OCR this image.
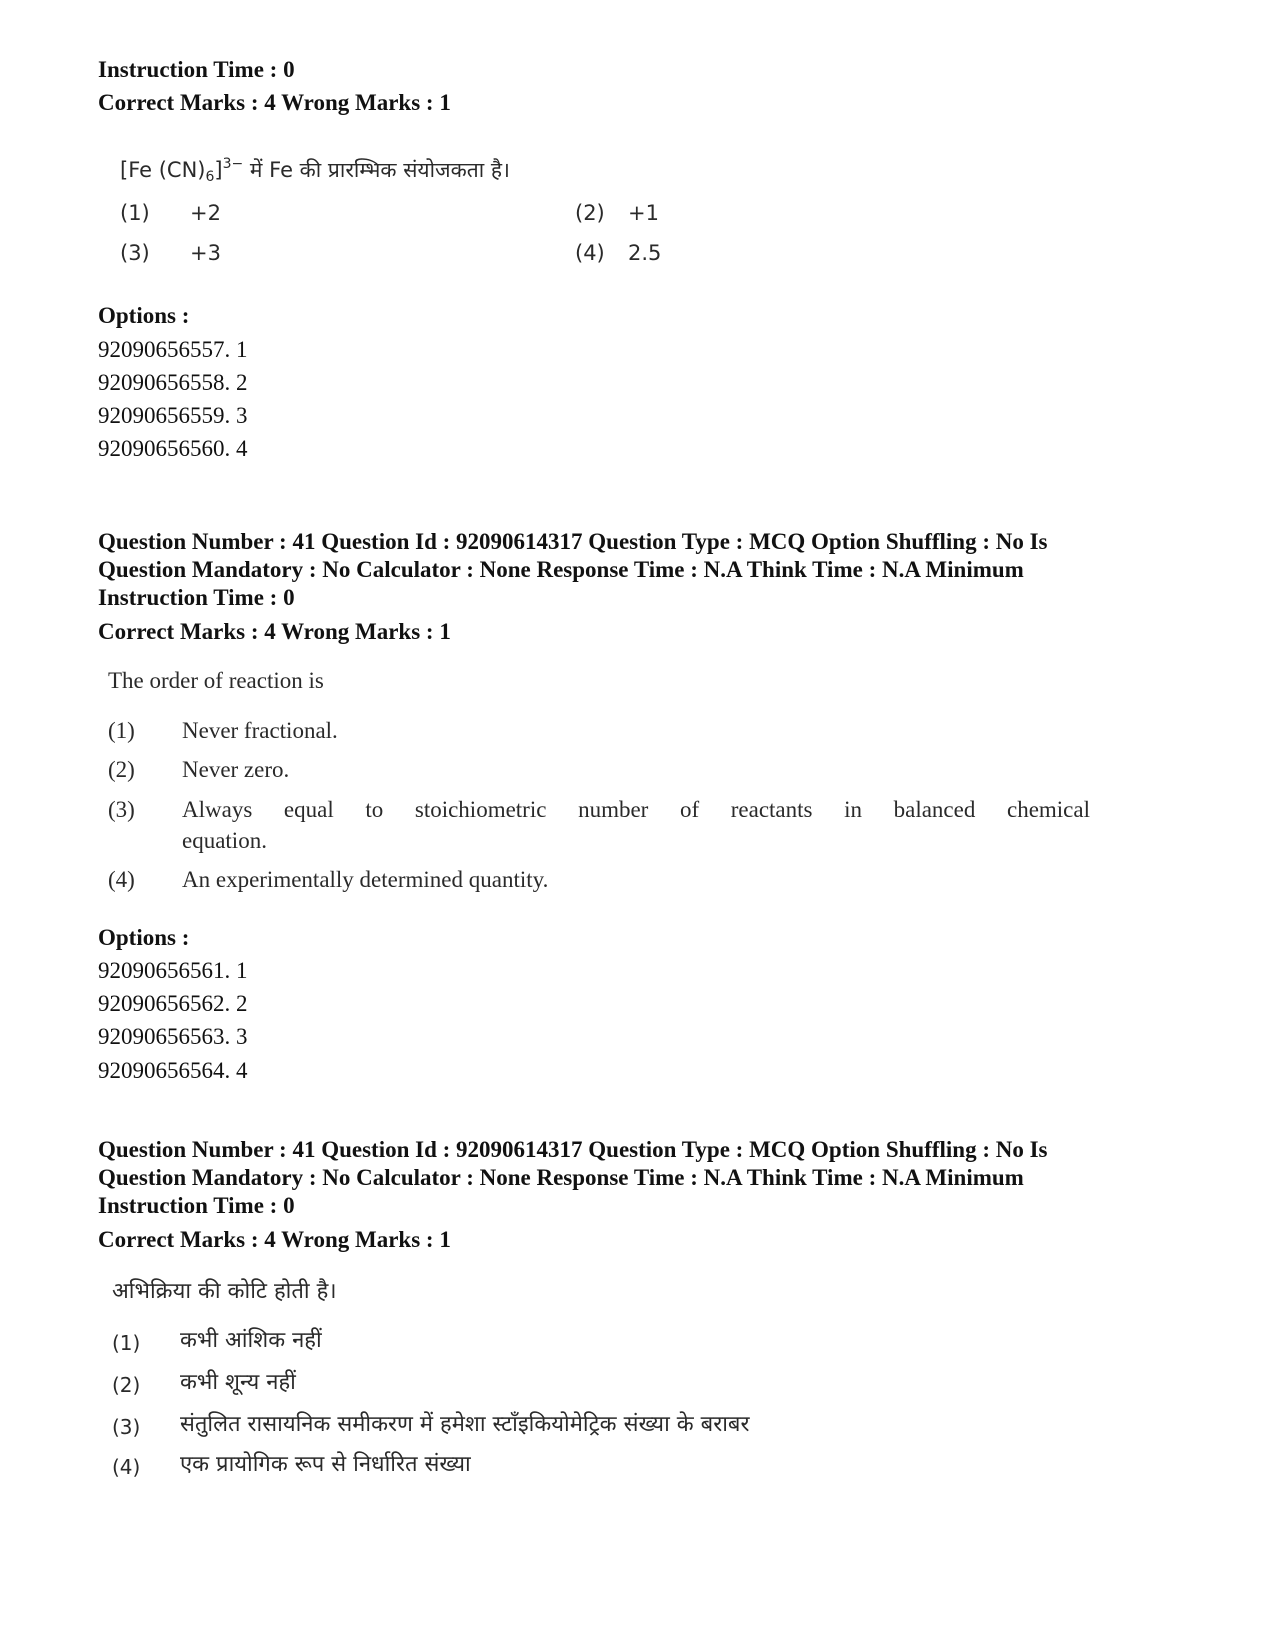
Instruction Time : 0
Correct Marks : 4 Wrong Marks : 1
[Fe (CN)6]$^{3-}$ में Fe की प्रारम्भिक संयोजकता है।
(1) +2	(2) +1
(3) +3	(4) 2.5
Options :
92090656557. 1
92090656558. 2
92090656559. 3
92090656560. 4
Question Number : 41 Question Id : 92090614317 Question Type : MCQ Option Shuffling : No Is
Question Mandatory : No Calculator : None Response Time : N.A Think Time : N.A Minimum
Instruction Time : 0
Correct Marks : 4 Wrong Marks : 1
The order of reaction is
(1) Never fractional.
(2) Never zero.
(3) Always equal to stoichiometric number of reactants in balanced chemical
equation.
(4) An experimentally determined quantity.
Options :
92090656561. 1
92090656562. 2
92090656563. 3
92090656564. 4
Question Number : 41 Question Id : 92090614317 Question Type : MCQ Option Shuffling : No Is
Question Mandatory : No Calculator : None Response Time : N.A Think Time : N.A Minimum
Instruction Time : 0
Correct Marks : 4 Wrong Marks : 1
अभिक्रिया की कोटि होती है।
(1) कभी आंशिक नहीं
(2) कभी शून्य नहीं
(3) संतुलित रासायनिक समीकरण में हमेशा स्टाँइकियोमेट्रिक संख्या के बराबर
(4) एक प्रायोगिक रूप से निर्धारित संख्या
